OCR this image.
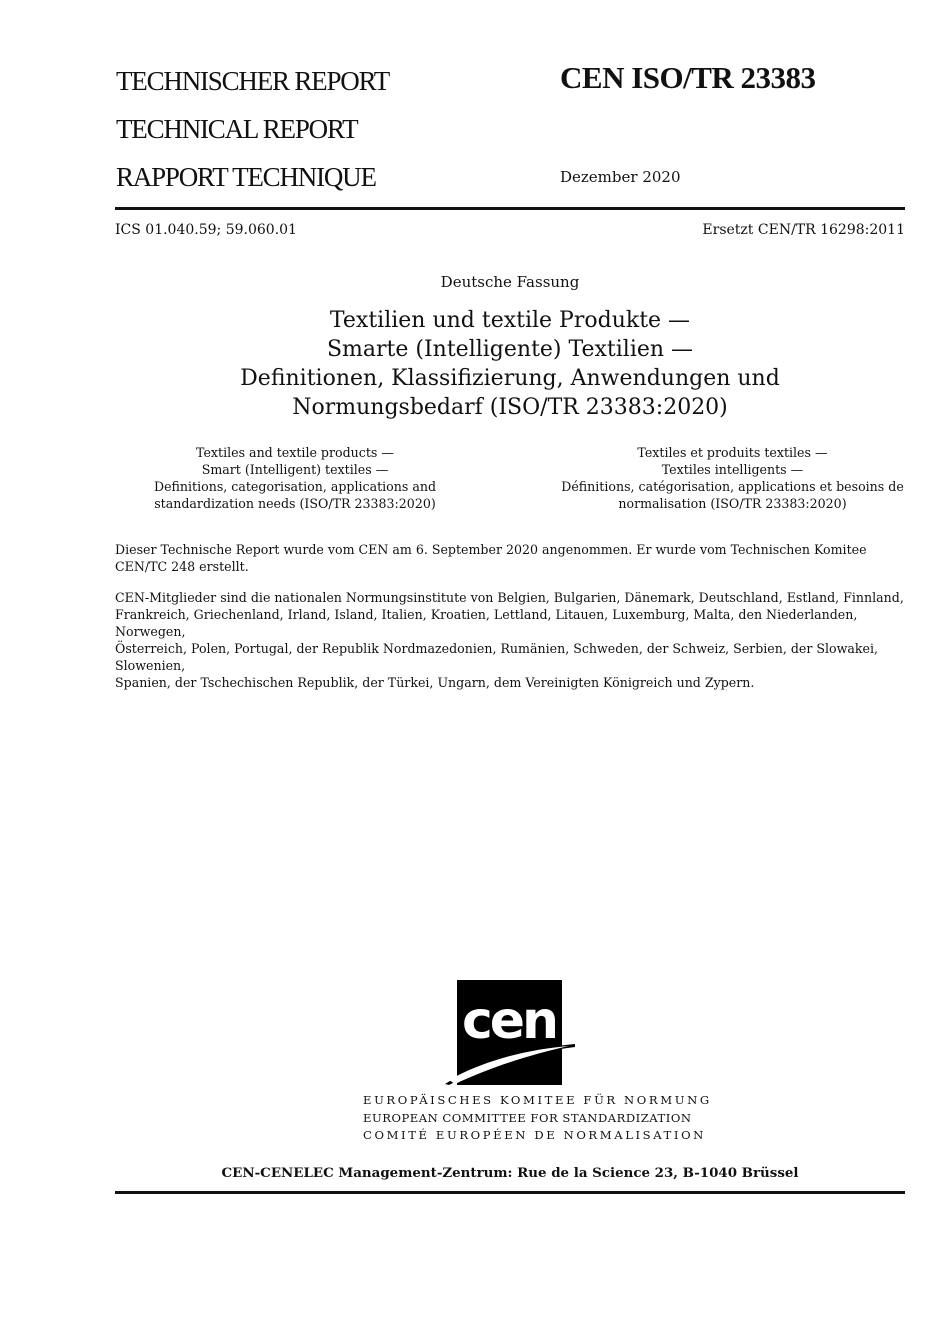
TECHNISCHER REPORT
TECHNICAL REPORT
RAPPORT TECHNIQUE
CEN ISO/TR 23383
Dezember 2020
ICS 01.040.59; 59.060.01	Ersetzt CEN/TR 16298:2011
Deutsche Fassung
Textilien und textile Produkte —
Smarte (Intelligente) Textilien —
Definitionen, Klassifizierung, Anwendungen und
Normungsbedarf (ISO/TR 23383:2020)
Textiles and textile products —
Smart (Intelligent) textiles —
Definitions, categorisation, applications and
standardization needs (ISO/TR 23383:2020)
Textiles et produits textiles —
Textiles intelligents —
Définitions, catégorisation, applications et besoins de
normalisation (ISO/TR 23383:2020)
Dieser Technische Report wurde vom CEN am 6. September 2020 angenommen. Er wurde vom Technischen Komitee
CEN/TC 248 erstellt.
CEN-Mitglieder sind die nationalen Normungsinstitute von Belgien, Bulgarien, Dänemark, Deutschland, Estland, Finnland,
Frankreich, Griechenland, Irland, Island, Italien, Kroatien, Lettland, Litauen, Luxemburg, Malta, den Niederlanden, Norwegen,
Österreich, Polen, Portugal, der Republik Nordmazedonien, Rumänien, Schweden, der Schweiz, Serbien, der Slowakei, Slowenien,
Spanien, der Tschechischen Republik, der Türkei, Ungarn, dem Vereinigten Königreich und Zypern.
cen
EUROPÄISCHES KOMITEE FÜR NORMUNG
EUROPEAN COMMITTEE FOR STANDARDIZATION
COMITÉ EUROPÉEN DE NORMALISATION
CEN-CENELEC Management-Zentrum: Rue de la Science 23, B-1040 Brüssel
